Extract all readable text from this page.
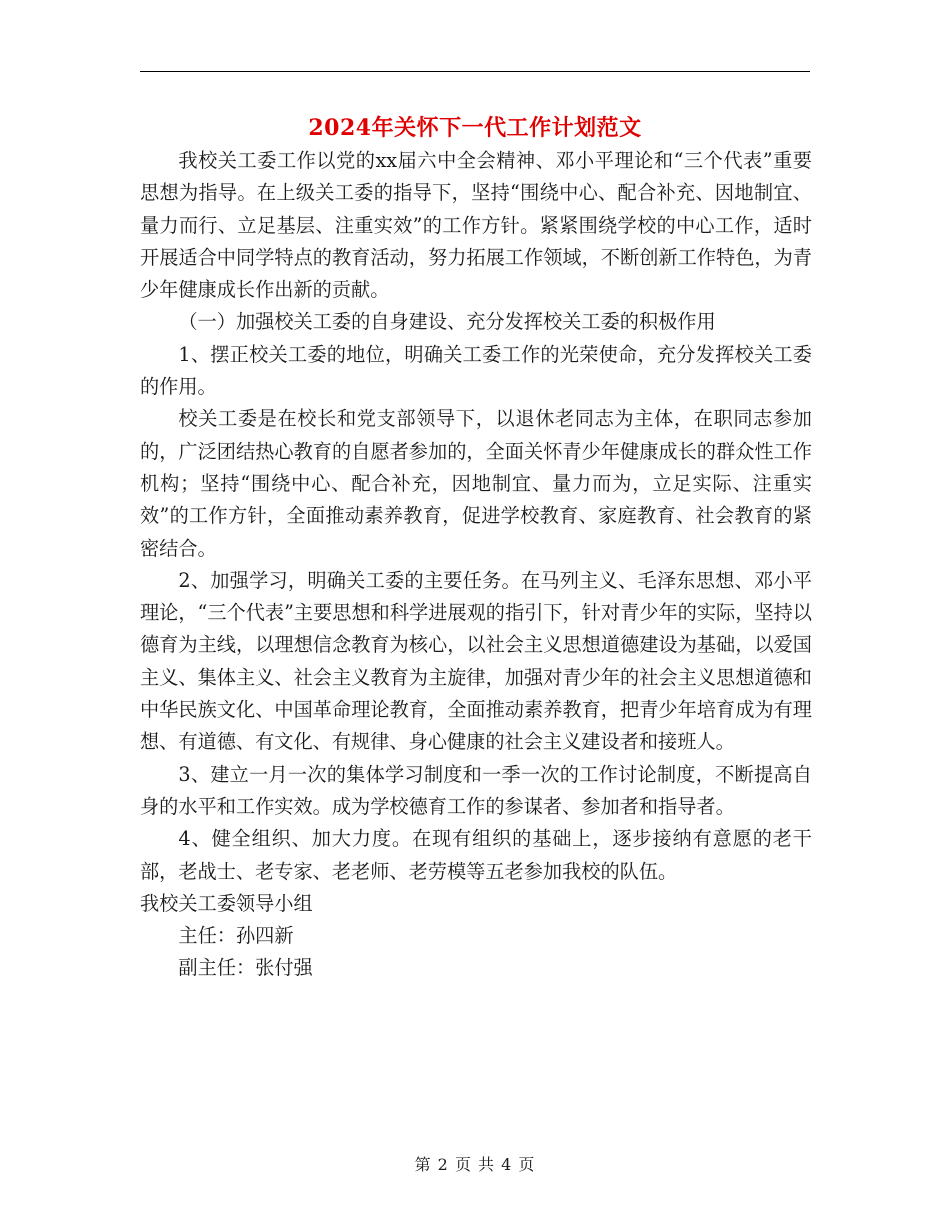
2024年关怀下一代工作计划范文

我校关工委工作以党的xx届六中全会精神、邓小平理论和“三个代表”重要思想为指导。在上级关工委的指导下，坚持“围绕中心、配合补充、因地制宜、量力而行、立足基层、注重实效”的工作方针。紧紧围绕学校的中心工作，适时开展适合中同学特点的教育活动，努力拓展工作领域，不断创新工作特色，为青少年健康成长作出新的贡献。

（一）加强校关工委的自身建设、充分发挥校关工委的积极作用

1、摆正校关工委的地位，明确关工委工作的光荣使命，充分发挥校关工委的作用。

校关工委是在校长和党支部领导下，以退休老同志为主体，在职同志参加的，广泛团结热心教育的自愿者参加的，全面关怀青少年健康成长的群众性工作机构；坚持“围绕中心、配合补充，因地制宜、量力而为，立足实际、注重实效”的工作方针，全面推动素养教育，促进学校教育、家庭教育、社会教育的紧密结合。

2、加强学习，明确关工委的主要任务。在马列主义、毛泽东思想、邓小平理论，“三个代表”主要思想和科学进展观的指引下，针对青少年的实际，坚持以德育为主线，以理想信念教育为核心，以社会主义思想道德建设为基础，以爱国主义、集体主义、社会主义教育为主旋律，加强对青少年的社会主义思想道德和中华民族文化、中国革命理论教育，全面推动素养教育，把青少年培育成为有理想、有道德、有文化、有规律、身心健康的社会主义建设者和接班人。

3、建立一月一次的集体学习制度和一季一次的工作讨论制度，不断提高自身的水平和工作实效。成为学校德育工作的参谋者、参加者和指导者。

4、健全组织、加大力度。在现有组织的基础上，逐步接纳有意愿的老干部，老战士、老专家、老老师、老劳模等五老参加我校的队伍。

我校关工委领导小组

主任：孙四新

副主任：张付强

第 2 页 共 4 页
